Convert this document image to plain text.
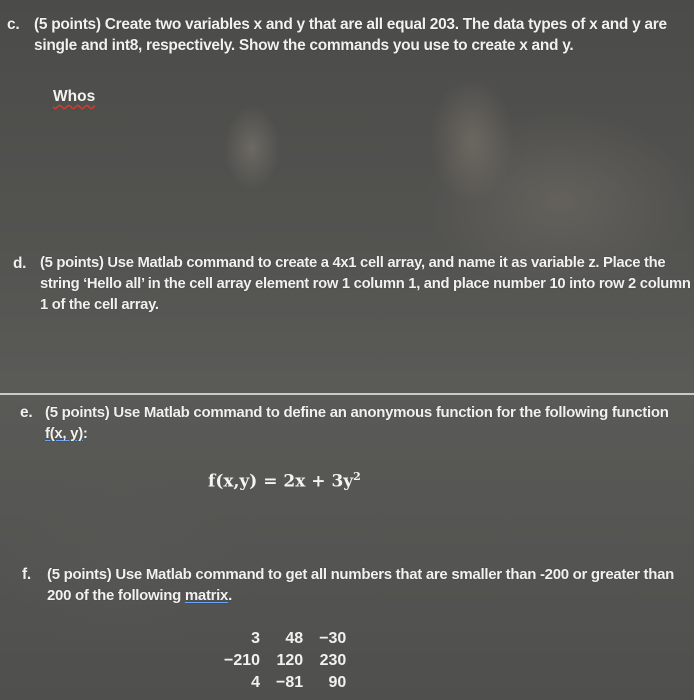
c. (5 points) Create two variables x and y that are all equal 203. The data types of x and y are single and int8, respectively. Show the commands you use to create x and y.
Whos
d. (5 points) Use Matlab command to create a 4x1 cell array, and name it as variable z. Place the string ‘Hello all’ in the cell array element row 1 column 1, and place number 10 into row 2 column 1 of the cell array.
e. (5 points) Use Matlab command to define an anonymous function for the following function f(x, y):
$f(x,y) = 2x + 3y^2$
f. (5 points) Use Matlab command to get all numbers that are smaller than -200 or greater than 200 of the following matrix.
3	48	−30
−210	120	230
4	−81	90
